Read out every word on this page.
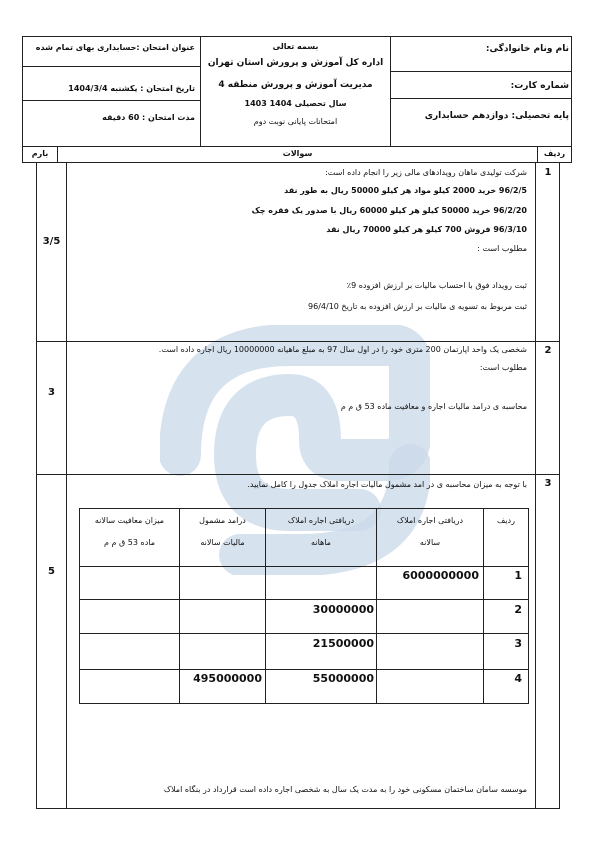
نام ونام خانوادگی:
شماره کارت:
پایه تحصیلی: دوازدهم حسابداری
بسمه تعالی
اداره کل آموزش و پرورش استان تهران
مدیریت آموزش و پرورش منطقه 4
سال تحصیلی 1404 1403
امتحانات پایانی نوبت دوم
عنوان امتحان :حسابداری بهای تمام شده
تاریخ امتحان : یکشنبه 1404/3/4
مدت امتحان : 60 دقیقه
ردیف
سوالات
بارم
1
3/5
شرکت تولیدی ماهان رویدادهای مالی زیر را انجام داده است:
96/2/5 خرید 2000 کیلو مواد هر کیلو 50000 ریال به طور نقد
96/2/20 خرید 50000 کیلو هر کیلو 60000 ریال با صدور یک فقره چک
96/3/10 فروش 700 کیلو هر کیلو 70000 ریال نقد
مطلوب است :
ثبت رویداد فوق با احتساب مالیات بر ارزش افزوده 9٪
ثبت مربوط به تسویه ی مالیات بر ارزش افزوده به تاریخ 96/4/10
2
3
شخصی یک واحد اپارتمان 200 متری خود را در اول سال 97 به مبلغ ماهیانه 10000000 ریال اجاره داده است.
مطلوب است:
محاسبه ی درامد مالیات اجاره و معافیت ماده 53 ق م م
3
5
با توجه به میزان محاسبه ی در امد مشمول مالیات اجاره املاک جدول را کامل نمایید.
ردیف
دریافتی اجاره املاک
سالانه
دریافتی اجاره املاک
ماهانه
درامد مشمول
مالیات سالانه
میزان معافیت سالانه
ماده 53 ق م م
1
6000000000
2
30000000
3
21500000
4
55000000
495000000
موسسه سامان ساختمان مسکونی خود را به مدت یک سال به شخصی اجاره داده است قرارداد در بنگاه املاک
